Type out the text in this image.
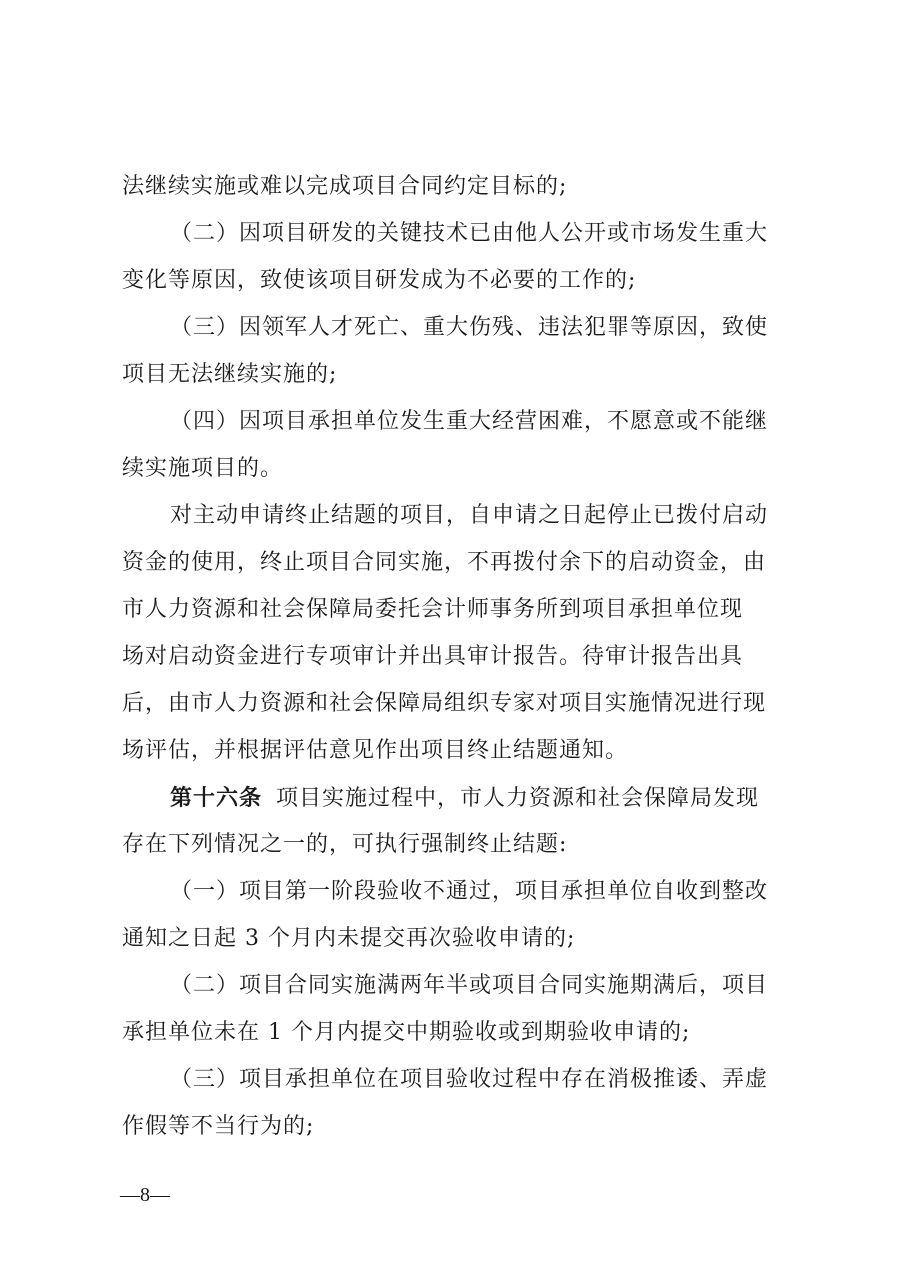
法继续实施或难以完成项目合同约定目标的;
（二）因项目研发的关键技术已由他人公开或市场发生重大
变化等原因，致使该项目研发成为不必要的工作的;
（三）因领军人才死亡、重大伤残、违法犯罪等原因，致使
项目无法继续实施的;
（四）因项目承担单位发生重大经营困难，不愿意或不能继
续实施项目的。
对主动申请终止结题的项目，自申请之日起停止已拨付启动
资金的使用，终止项目合同实施，不再拨付余下的启动资金，由
市人力资源和社会保障局委托会计师事务所到项目承担单位现
场对启动资金进行专项审计并出具审计报告。待审计报告出具
后，由市人力资源和社会保障局组织专家对项目实施情况进行现
场评估，并根据评估意见作出项目终止结题通知。
第十六条 项目实施过程中，市人力资源和社会保障局发现
存在下列情况之一的，可执行强制终止结题:
（一）项目第一阶段验收不通过，项目承担单位自收到整改
通知之日起 3 个月内未提交再次验收申请的;
（二）项目合同实施满两年半或项目合同实施期满后，项目
承担单位未在 1 个月内提交中期验收或到期验收申请的;
（三）项目承担单位在项目验收过程中存在消极推诿、弄虚
作假等不当行为的;
—8—
